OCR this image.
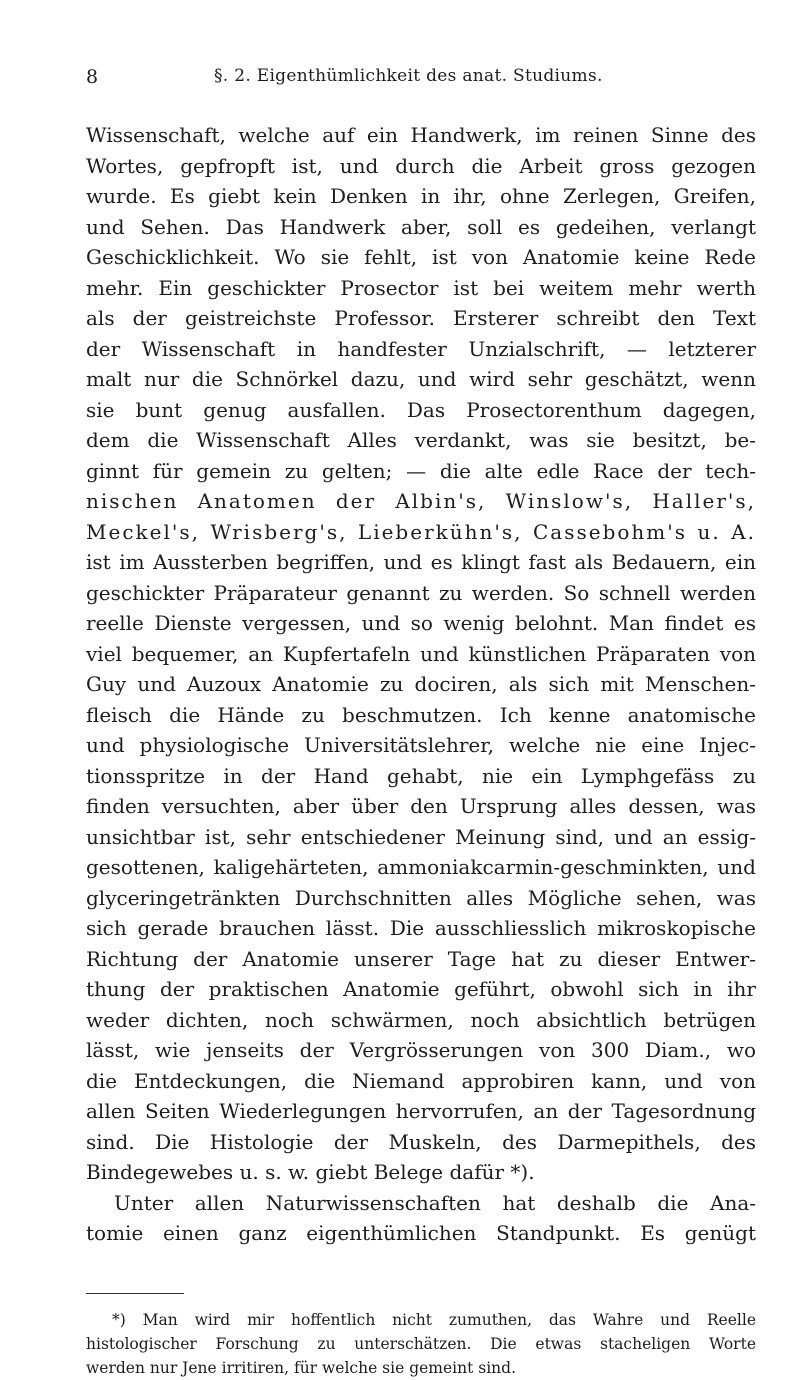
8	§. 2. Eigenthümlichkeit des anat. Studiums.
Wissenschaft, welche auf ein Handwerk, im reinen Sinne des
Wortes, gepfropft ist, und durch die Arbeit gross gezogen
wurde. Es giebt kein Denken in ihr, ohne Zerlegen, Greifen,
und Sehen. Das Handwerk aber, soll es gedeihen, verlangt
Geschicklichkeit. Wo sie fehlt, ist von Anatomie keine Rede
mehr. Ein geschickter Prosector ist bei weitem mehr werth
als der geistreichste Professor. Ersterer schreibt den Text
der Wissenschaft in handfester Unzialschrift, — letzterer
malt nur die Schnörkel dazu, und wird sehr geschätzt, wenn
sie bunt genug ausfallen. Das Prosectorenthum dagegen,
dem die Wissenschaft Alles verdankt, was sie besitzt, be-
ginnt für gemein zu gelten; — die alte edle Race der tech-
nischen Anatomen der Albin's, Winslow's, Haller's,
Meckel's, Wrisberg's, Lieberkühn's, Cassebohm's u. A.
ist im Aussterben begriffen, und es klingt fast als Bedauern, ein
geschickter Präparateur genannt zu werden. So schnell werden
reelle Dienste vergessen, und so wenig belohnt. Man findet es
viel bequemer, an Kupfertafeln und künstlichen Präparaten von
Guy und Auzoux Anatomie zu dociren, als sich mit Menschen-
fleisch die Hände zu beschmutzen. Ich kenne anatomische
und physiologische Universitätslehrer, welche nie eine Injec-
tionsspritze in der Hand gehabt, nie ein Lymphgefäss zu
finden versuchten, aber über den Ursprung alles dessen, was
unsichtbar ist, sehr entschiedener Meinung sind, und an essig-
gesottenen, kaligehärteten, ammoniakcarmin-geschminkten, und
glyceringetränkten Durchschnitten alles Mögliche sehen, was
sich gerade brauchen lässt. Die ausschliesslich mikroskopische
Richtung der Anatomie unserer Tage hat zu dieser Entwer-
thung der praktischen Anatomie geführt, obwohl sich in ihr
weder dichten, noch schwärmen, noch absichtlich betrügen
lässt, wie jenseits der Vergrösserungen von 300 Diam., wo
die Entdeckungen, die Niemand approbiren kann, und von
allen Seiten Wiederlegungen hervorrufen, an der Tagesordnung
sind. Die Histologie der Muskeln, des Darmepithels, des
Bindegewebes u. s. w. giebt Belege dafür *).
Unter allen Naturwissenschaften hat deshalb die Ana-
tomie einen ganz eigenthümlichen Standpunkt. Es genügt
*) Man wird mir hoffentlich nicht zumuthen, das Wahre und Reelle
histologischer Forschung zu unterschätzen. Die etwas stacheligen Worte
werden nur Jene irritiren, für welche sie gemeint sind.
